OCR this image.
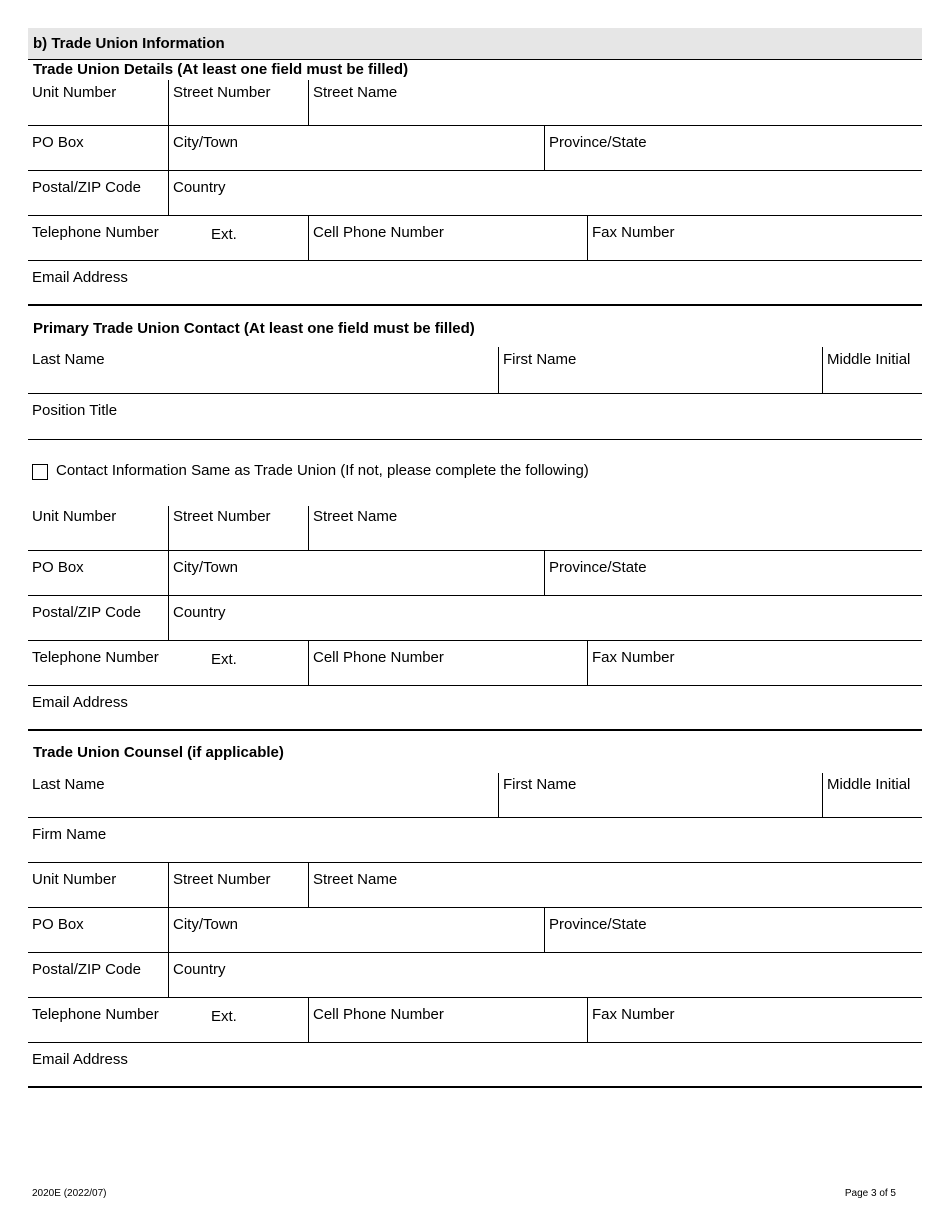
b) Trade Union Information
Trade Union Details (At least one field must be filled)
Unit Number	Street Number	Street Name
PO Box	City/Town	Province/State
Postal/ZIP Code	Country
Telephone Number	Ext.	Cell Phone Number	Fax Number
Email Address
Primary Trade Union Contact (At least one field must be filled)
Last Name	First Name	Middle Initial
Position Title
Contact Information Same as Trade Union (If not, please complete the following)
Unit Number	Street Number	Street Name
PO Box	City/Town	Province/State
Postal/ZIP Code	Country
Telephone Number	Ext.	Cell Phone Number	Fax Number
Email Address
Trade Union Counsel (if applicable)
Last Name	First Name	Middle Initial
Firm Name
Unit Number	Street Number	Street Name
PO Box	City/Town	Province/State
Postal/ZIP Code	Country
Telephone Number	Ext.	Cell Phone Number	Fax Number
Email Address
2020E (2022/07)	Page 3 of 5
